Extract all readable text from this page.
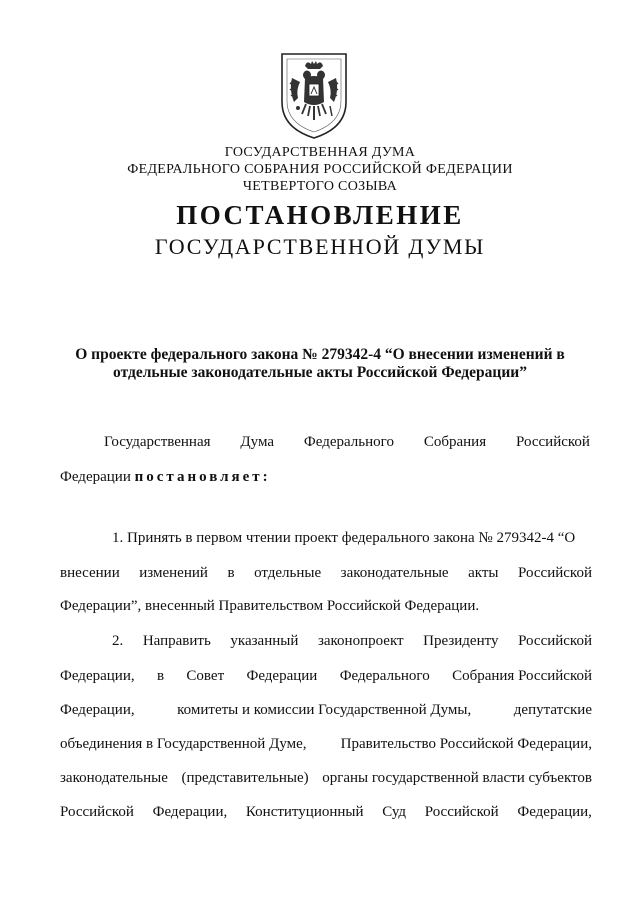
ГОСУДАРСТВЕННАЯ ДУМА
ФЕДЕРАЛЬНОГО СОБРАНИЯ РОССИЙСКОЙ ФЕДЕРАЦИИ
ЧЕТВЕРТОГО СОЗЫВА
ПОСТАНОВЛЕНИЕ
ГОСУДАРСТВЕННОЙ ДУМЫ
О проекте федерального закона № 279342-4 “О внесении изменений в
отдельные законодательные акты Российской Федерации”
Государственная Дума Федерального Собрания Российской
Федерации постановляет:
1. Принять в первом чтении проект федерального закона № 279342-4 “О
внесении изменений в отдельные законодательные акты Российской
Федерации”, внесенный Правительством Российской Федерации.
2. Направить указанный законопроект Президенту Российской
Федерации, в Совет Федерации Федерального Собрания Российской
Федерации,	комитеты и комиссии Государственной Думы,	депутатские
объединения в Государственной Думе, Правительство Российской Федерации,
законодательные (представительные) органы государственной власти субъектов
Российской Федерации, Конституционный Суд Российской Федерации,
